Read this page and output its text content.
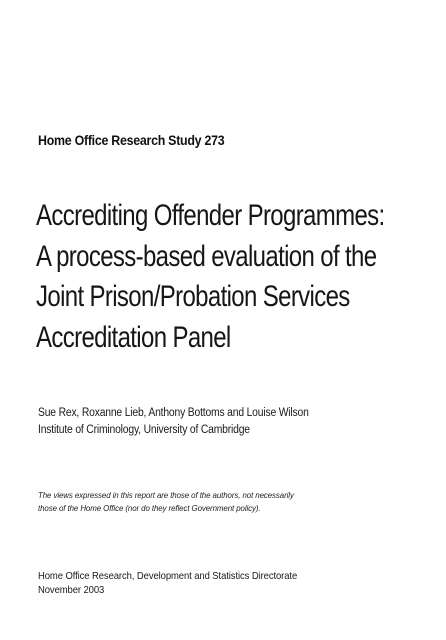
Home Office Research Study 273
Accrediting Offender Programmes:
A process-based evaluation of the
Joint Prison/Probation Services
Accreditation Panel
Sue Rex, Roxanne Lieb, Anthony Bottoms and Louise Wilson
Institute of Criminology, University of Cambridge
The views expressed in this report are those of the authors, not necessarily
those of the Home Office (nor do they reflect Government policy).
Home Office Research, Development and Statistics Directorate
November 2003
